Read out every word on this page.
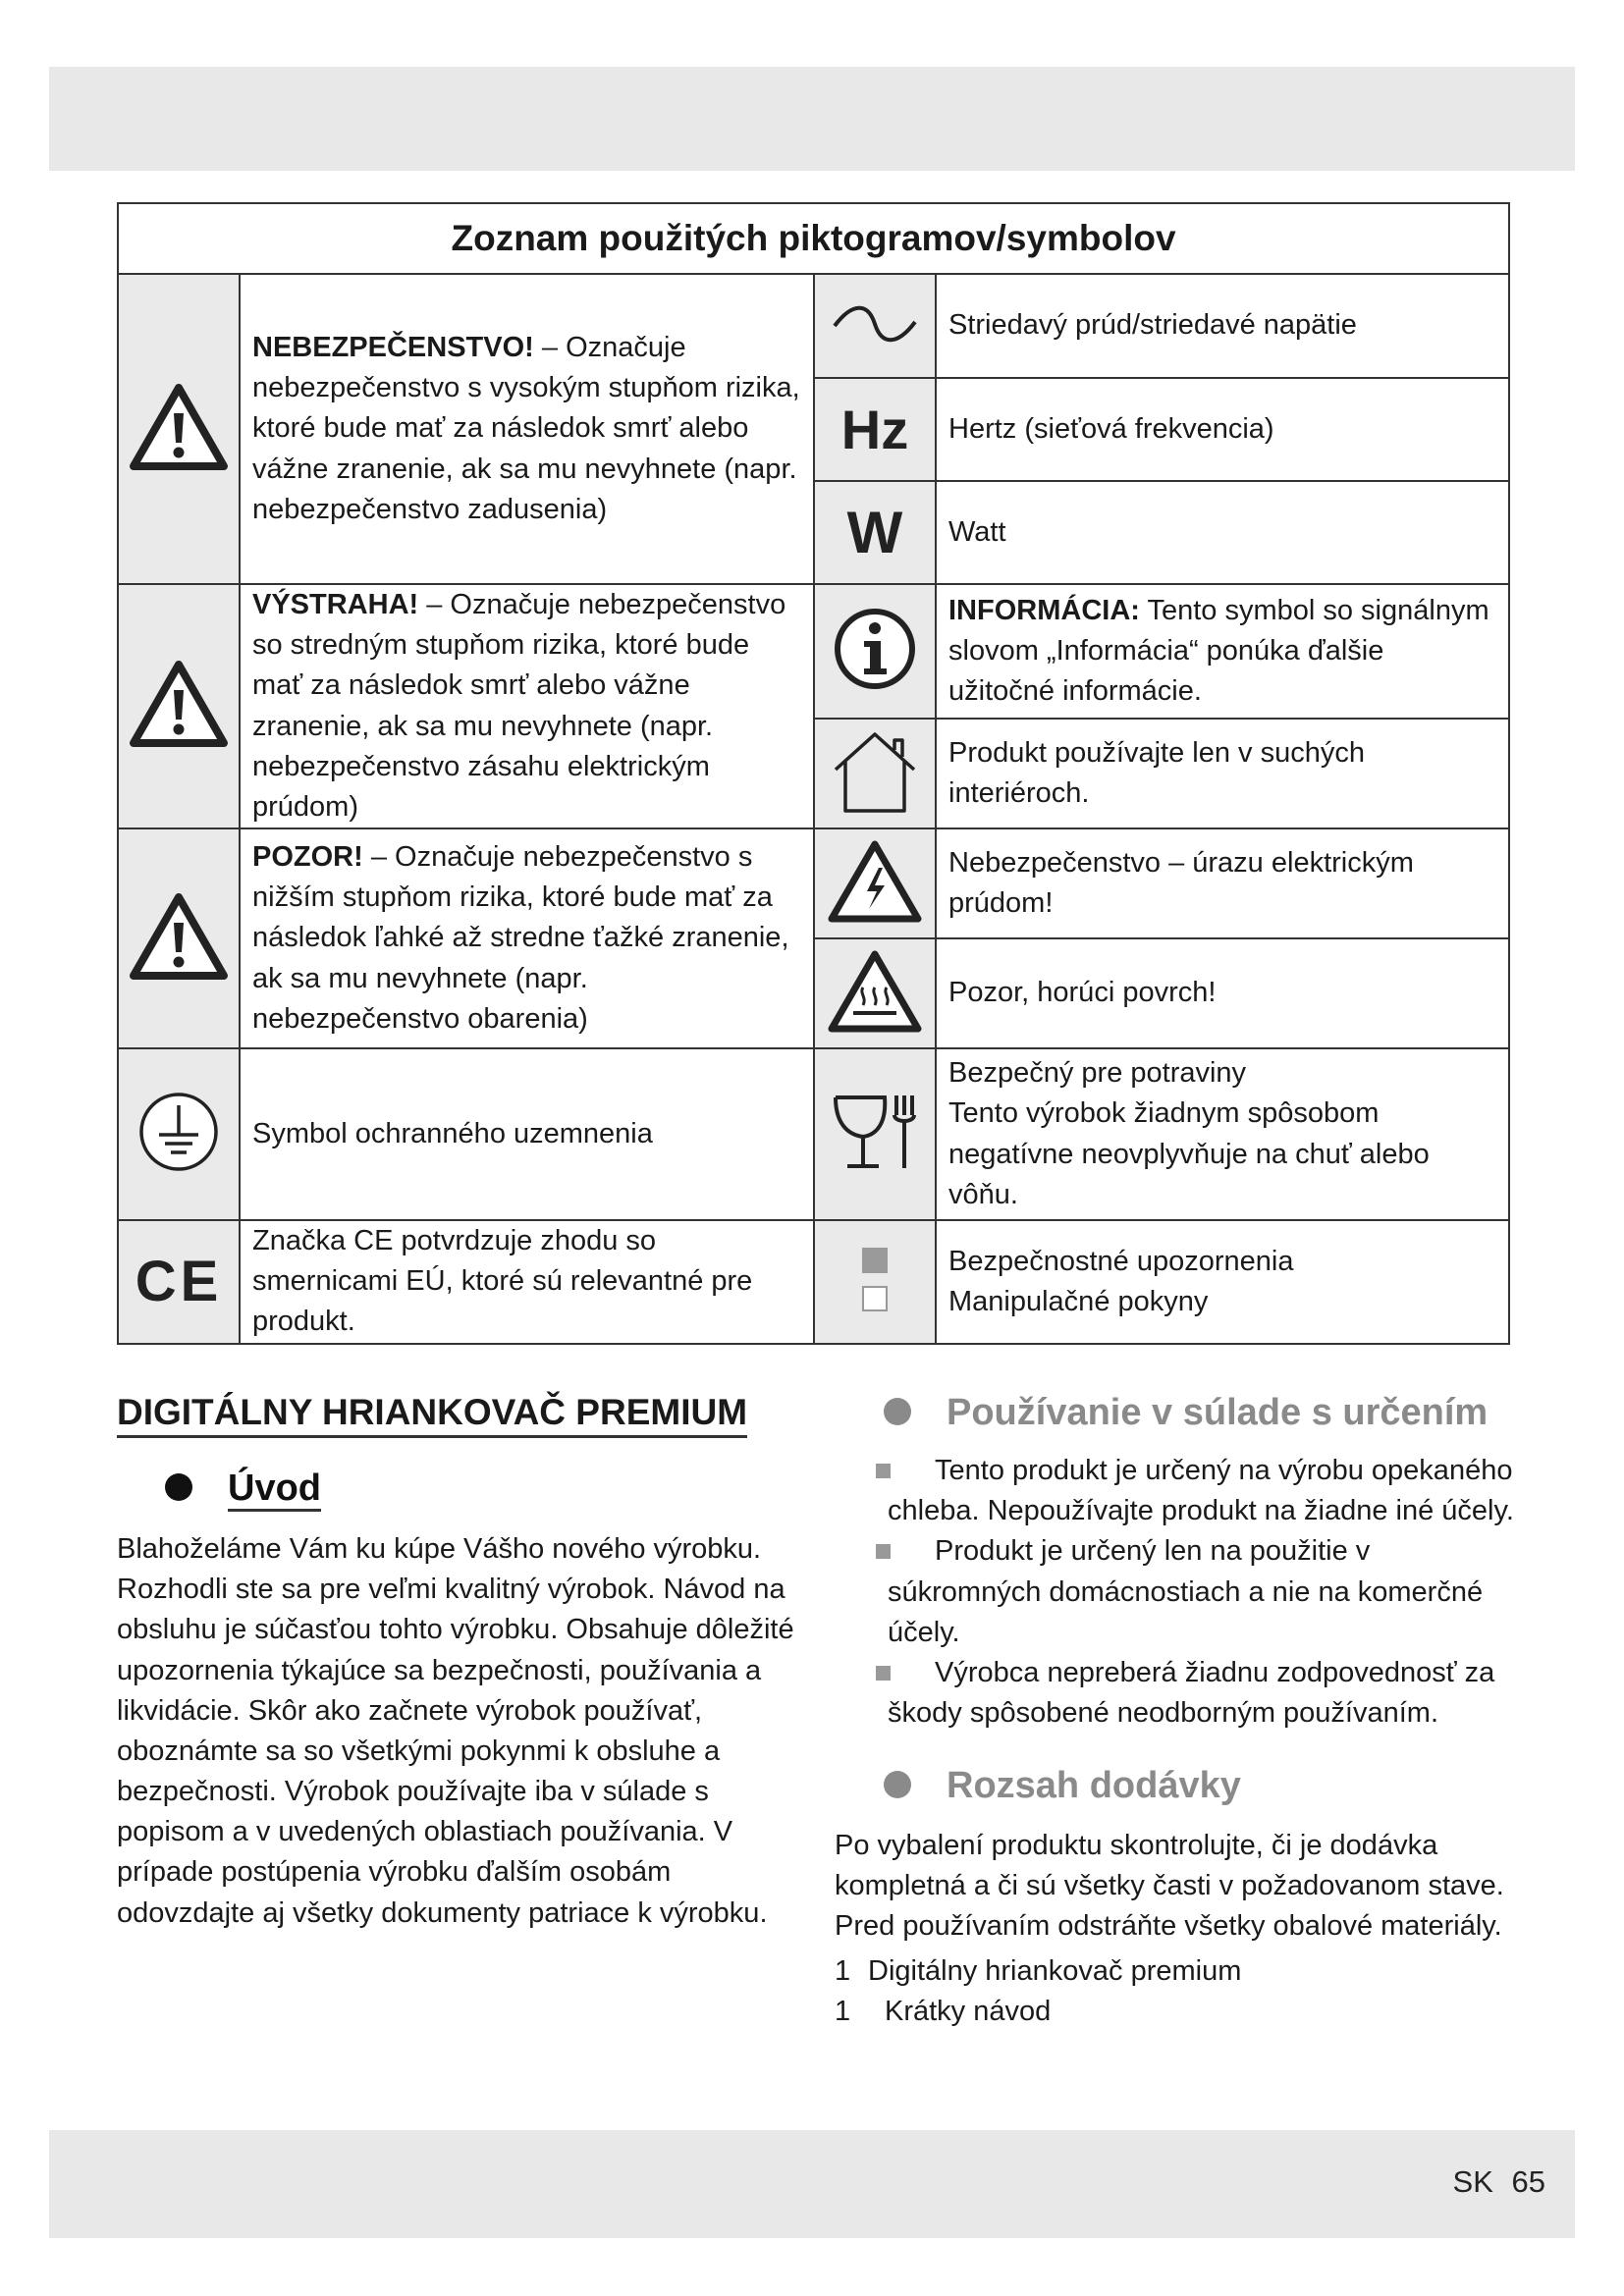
Zoznam použitých piktogramov/symbolov			
	NEBEZPEČENSTVO! – Označuje nebezpečenstvo s vysokým stupňom rizika, ktoré bude mať za následok smrť alebo vážne zranenie, ak sa mu nevyhnete (napr. nebezpečenstvo zadusenia)		Striedavý prúd/striedavé napätie
		Hz	Hertz (sieťová frekvencia)
		W	Watt
	VÝSTRAHA! – Označuje nebezpečenstvo so stredným stupňom rizika, ktoré bude mať za následok smrť alebo vážne zranenie, ak sa mu nevyhnete (napr. nebezpečenstvo zásahu elektrickým prúdom)		INFORMÁCIA: Tento symbol so signálnym slovom „Informácia“ ponúka ďalšie užitočné informácie.
	Produkt používajte len v suchých interiéroch.
	POZOR! – Označuje nebezpečenstvo s nižším stupňom rizika, ktoré bude mať za následok ľahké až stredne ťažké zranenie, ak sa mu nevyhnete (napr. nebezpečenstvo obarenia)		Nebezpečenstvo – úrazu elektrickým prúdom!
	Pozor, horúci povrch!
	Symbol ochranného uzemnenia		Bezpečný pre potraviny
Tento výrobok žiadnym spôsobom negatívne neovplyvňuje na chuť alebo vôňu.

CE	Značka CE potvrdzuje zhodu so smernicami EÚ, ktoré sú relevantné pre produkt.		Bezpečnostné upozornenia
Manipulačné pokyny
DIGITÁLNY HRIANKOVAČ PREMIUM
Úvod

Blahoželáme Vám ku kúpe Vášho nového výrobku. Rozhodli ste sa pre veľmi kvalitný výrobok. Návod na obsluhu je súčasťou tohto výrobku. Obsahuje dôležité upozornenia týkajúce sa bezpečnosti, používania a likvidácie. Skôr ako začnete výrobok používať, oboznámte sa so všetkými pokynmi k obsluhe a bezpečnosti. Výrobok používajte iba v súlade s popisom a v uvedených oblastiach používania. V prípade postúpenia výrobku ďalším osobám odovzdajte aj všetky dokumenty patriace k výrobku.

Používanie v súlade s určením
Tento produkt je určený na výrobu opekaného chleba. Nepoužívajte produkt na žiadne iné účely.
Produkt je určený len na použitie v súkromných domácnostiach a nie na komerčné účely.
Výrobca nepreberá žiadnu zodpovednosť za škody spôsobené neodborným používaním.
Rozsah dodávky

Po vybalení produktu skontrolujte, či je dodávka kompletná a či sú všetky časti v požadovanom stave. Pred používaním odstráňte všetky obalové materiály.

1 Digitálny hriankovač premium
1 Krátky návod
SK 65
